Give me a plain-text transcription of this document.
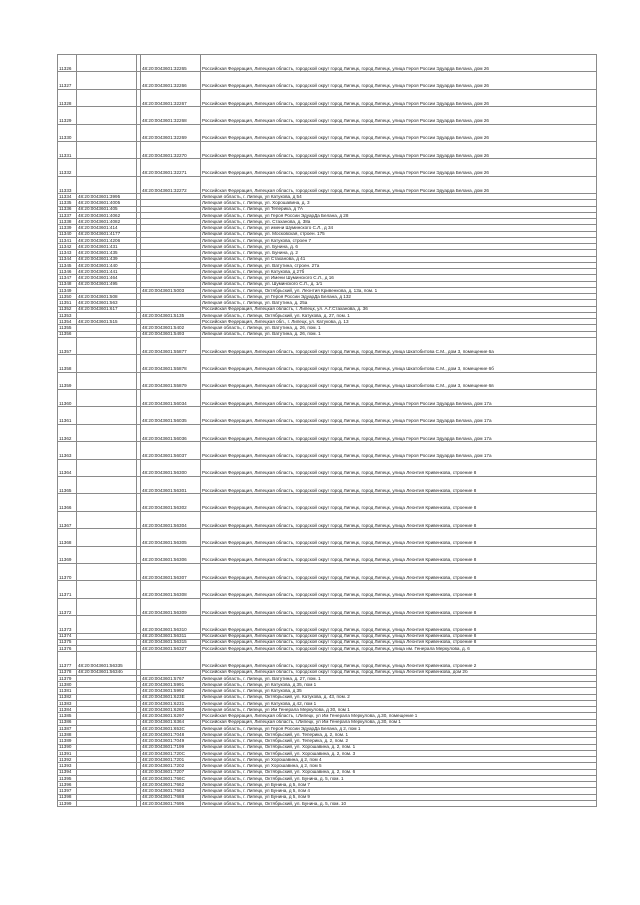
11326			48:20:0043601:32265	Российская Федерация, Липецкая область, городской округ город Липецк, город Липецк, улица Героя России Эдуарда Белана, дом 26
11327			48:20:0043601:32266	Российская Федерация, Липецкая область, городской округ город Липецк, город Липецк, улица Героя России Эдуарда Белана, дом 26
11328			48:20:0043601:32267	Российская Федерация, Липецкая область, городской округ город Липецк, город Липецк, улица Героя России Эдуарда Белана, дом 26
11329			48:20:0043601:32268	Российская Федерация, Липецкая область, городской округ город Липецк, город Липецк, улица Героя России Эдуарда Белана, дом 26
11330			48:20:0043601:32269	Российская Федерация, Липецкая область, городской округ город Липецк, город Липецк, улица Героя России Эдуарда Белана, дом 26
11331			48:20:0043601:32270	Российская Федерация, Липецкая область, городской округ город Липецк, город Липецк, улица Героя России Эдуарда Белана, дом 26
11332			48:20:0043601:32271	Российская Федерация, Липецкая область, городской округ город Липецк, город Липецк, улица Героя России Эдуарда Белана, дом 26
11333			48:20:0043601:32272	Российская Федерация, Липецкая область, городской округ город Липецк, город Липецк, улица Героя России Эдуарда Белана, дом 26
11334	48:20:0043601:3995			Липецкая область, г. Липецк, ул Катукова, д 54
11335	48:20:0043601:4005			Липецкая область, г. Липецк, ул. Хорошавина, д. 3
11336	48:20:0043601:405			Липецкая область, г. Липецк, ул Теперика, д 7А
11337	48:20:0043601:4062			Липецкая область, г. Липецк, ул Героя России ЭдуарДа Белана, д 28
11338	48:20:0043601:4082			Липецкая область, г. Липецк, ул. Стаханова, д. 38а
11339	48:20:0043601:414			Липецкая область, г. Липецк, ул имени Шуминского С.Л., д 34
11340	48:20:0043601:4177			Липецкая область, г. Липецк, ул. Московская, строен. 175
11341	48:20:0043601:4206			Липецкая область, г. Липецк, ул Катукова, строен 7
11342	48:20:0043601:431			Липецкая область, г. Липецк, ул. Бунина, д. 6
11343	48:20:0043601:435			Липецкая область, г. Липецк, ул. Бунина, д. 2
11344	48:20:0043601:439			Липецкая область, г. Липецк, ул Стаханова, д 41
11345	48:20:0043601:440			Липецкая область, г. Липецк, ул. Ватутина, строен. 27а
11346	48:20:0043601:441			Липецкая область, г. Липецк, ул Катукова, д 27б
11347	48:20:0043601:464			Липецкая область, г. Липецк, ул Имени Шуминского С.Л., д 16
11348	48:20:0043601:495			Липецкая область, г. Липецк, ул. Шуминского С.Л., д. 1/1
11349			48:20:0043601:5003	Липецкая область, г. Липецк, Октябрьский, ул. Леонтия Кривенкова, д. 13а, пом. 1
11350	48:20:0043601:508			Липецкая область, г. Липецк, ул Героя России ЭдуарДа Белана, д 132
11351	48:20:0043601:563			Липецкая область, г. Липецк, ул. Ватутина, д. 25а
11352	48:20:0043601:617			Российская Федерация, Липецкая область, г. Липецк, ул. А.Г.Стаханова, д. 36
11353			48:20:0043601:5135	Липецкая область, г. Липецк, Октябрьский, ул. Катукова, д. 27, пом. 1
11354	48:20:0043601:515			Российская Федерация, Липецкая обл., г. Липецк, ул. Катукова, д. 13
11355			48:20:0043601:5402	Липецкая область, г. Липецк, ул. Ватутина, д. 26, пом. 1
11356			48:20:0043601:5493	Липецкая область, г. Липецк, ул. Ватутина, д. 26, пом. 1
11357			48:20:0043601:55877	Российская Федерация, Липецкая область, городской округ город Липецк, город Липецк, улица Шкатобитова С.М., дом 3, помещение 6а
11358			48:20:0043601:55878	Российская Федерация, Липецкая область, городской округ город Липецк, город Липецк, улица Шкатобитова С.М., дом 3, помещение 6б
11359			48:20:0043601:55879	Российская Федерация, Липецкая область, городской округ город Липецк, город Липецк, улица Шкатобитова С.М., дом 3, помещение 6в
11360			48:20:0043601:56034	Российская Федерация, Липецкая область, городской округ город Липецк, город Липецк, улица Героя России Эдуарда Белана, дом 17а
11361			48:20:0043601:56035	Российская Федерация, Липецкая область, городской округ город Липецк, город Липецк, улица Героя России Эдуарда Белана, дом 17а
11362			48:20:0043601:56036	Российская Федерация, Липецкая область, городской округ город Липецк, город Липецк, улица Героя России Эдуарда Белана, дом 17а
11363			48:20:0043601:56037	Российская Федерация, Липецкая область, городской округ город Липецк, город Липецк, улица Героя России Эдуарда Белана, дом 17а
11364			48:20:0043601:56300	Российская Федерация, Липецкая область, городской округ город Липецк, город Липецк, улица Леонтия Кривенкова, строение 8
11365			48:20:0043601:56301	Российская Федерация, Липецкая область, городской округ город Липецк, город Липецк, улица Леонтия Кривенкова, строение 8
11366			48:20:0043601:56302	Российская Федерация, Липецкая область, городской округ город Липецк, город Липецк, улица Леонтия Кривенкова, строение 8
11367			48:20:0043601:56304	Российская Федерация, Липецкая область, городской округ город Липецк, город Липецк, улица Леонтия Кривенкова, строение 8
11368			48:20:0043601:56305	Российская Федерация, Липецкая область, городской округ город Липецк, город Липецк, улица Леонтия Кривенкова, строение 8
11369			48:20:0043601:56306	Российская Федерация, Липецкая область, городской округ город Липецк, город Липецк, улица Леонтия Кривенкова, строение 8
11370			48:20:0043601:56307	Российская Федерация, Липецкая область, городской округ город Липецк, город Липецк, улица Леонтия Кривенкова, строение 8
11371			48:20:0043601:56308	Российская Федерация, Липецкая область, городской округ город Липецк, город Липецк, улица Леонтия Кривенкова, строение 8
11372			48:20:0043601:56309	Российская Федерация, Липецкая область, городской округ город Липецк, город Липецк, улица Леонтия Кривенкова, строение 8
11373			48:20:0043601:56310	Российская Федерация, Липецкая область, городской округ город Липецк, город Липецк, улица Леонтия Кривенкова, строение 8
11374			48:20:0043601:56311	Российская Федерация, Липецкая область, городской округ город Липецк, город Липецк, улица Леонтия Кривенкова, строение 8
11375			48:20:0043601:56315	Российская Федерация, Липецкая область, городской округ город Липецк, город Липецк, улица Леонтия Кривенкова, строение 8
11376			48:20:0043601:56327	Российская Федерация, Липецкая область, городской округ город Липецк, город Липецк, улица им. Генерала Меркулова, д. 6
11377	48:20:0043601:56335			Российская Федерация, Липецкая область, городской округ город Липецк, город Липецк, улица Леонтия Кривенкова, строение 2
11378	48:20:0043601:5634б			Российская Федерация, Липецкая область, городской округ город Липецк, город Липецк, улица Леонтия Кривенкова, дом 2б
11379			48:20:0043601:5767	Липецкая область, г. Липецк, ул. Ватутина, д. 27, пом. 1
11380			48:20:0043601:5991	Липецкая область, г. Липецк, ул Катукова, д 35, пом 1
11381			48:20:0043601:5992	Липецкая область, г. Липецк, ул Катукова, д 35
11382			48:20:0043601:623Е	Липецкая область, г. Липецк, Октябрьский, ул. Катукова, д. 43, пом. 2
11383			48:20:0043601:6231	Липецкая область, г. Липецк, ул Катукова, д 42, пом 1
11384			48:20:0043601:6260	Липецкая область, г. Липецк, ул Им Генерала Меркулова, д 30, пом 1
11385			48:20:0043601:6297	Российская Федерация, Липецкая область, г.Липецк, ул Им Генерала Меркулова, д.30, помещение 1
11386			48:20:0043601:6364	Российская Федерация, Липецкая область, г.Липецк, ул Им Генерала Меркулова, д.30, пом 1
11387			48:20:0043601:653С	Липецкая область, г. Липецк, ул Героя России ЭдуарДа Белана, д 2, пом 1
11388			48:20:0043601:7048	Липецкая область, г. Липецк, Октябрьский, ул. Теперика, д. 2, пом. 1
11389			48:20:0043601:7049	Липецкая область, г. Липецк, Октябрьский, ул. Теперика, д. 2, пом. 2
11390			48:20:0043601:7199	Липецкая область, г. Липецк, Октябрьский, ул. Хорошавина, д. 2, пом. 1
11391			48:20:0043601:720С	Липецкая область, г. Липецк, Октябрьский, ул. Хорошавина, д. 2, пом. 3
11392			48:20:0043601:7201	Липецкая область, г. Липецк, ул Хорошавина, д 2, пом 4
11393			48:20:0043601:7202	Липецкая область, г. Липецк, ул Хорошавина, д 2, пом 5
11394			48:20:0043601:7207	Липецкая область, г. Липецк, Октябрьский, ул. Хорошавина, д. 2, пом. 6
11395			48:20:0043601:766С	Липецкая область, г. Липецк, Октябрьский, ул. Бунина, д. 5, пом. 1
11396			48:20:0043601:7662	Липецкая область, г. Липецк, ул Бунина, д 5, пом 7
11397			48:20:0043601:7663	Липецкая область, г. Липецк, ул Бунина, д 5, пом 4
11398			48:20:0043601:7688	Липецкая область, г. Липецк, ул Бунина, д 5, пом 9
11399			48:20:0043601:7695	Липецкая область, г. Липецк, Октябрьский, ул. Бунина, д. 5, пом. 10
